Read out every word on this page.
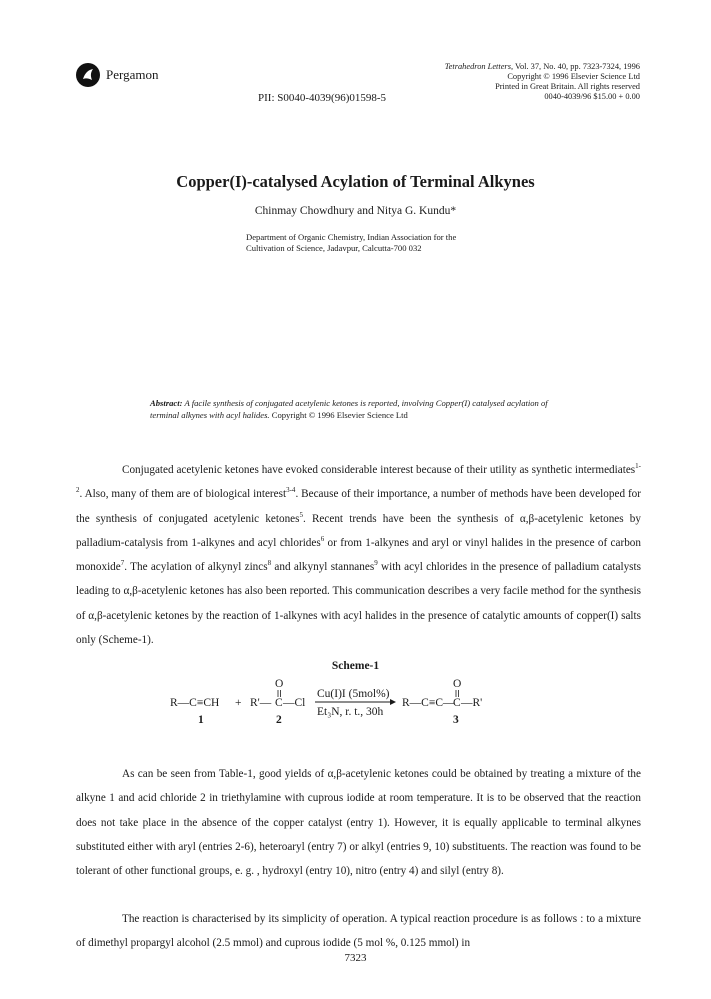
Pergamon
Tetrahedron Letters, Vol. 37, No. 40, pp. 7323-7324, 1996
Copyright © 1996 Elsevier Science Ltd
Printed in Great Britain. All rights reserved
0040-4039/96 $15.00 + 0.00
PII: S0040-4039(96)01598-5
Copper(I)-catalysed Acylation of Terminal Alkynes
Chinmay Chowdhury and Nitya G. Kundu*
Department of Organic Chemistry, Indian Association for the Cultivation of Science, Jadavpur, Calcutta-700 032
Abstract: A facile synthesis of conjugated acetylenic ketones is reported, involving Copper(I) catalysed acylation of terminal alkynes with acyl halides. Copyright © 1996 Elsevier Science Ltd

Conjugated acetylenic ketones have evoked considerable interest because of their utility as synthetic intermediates$^{1-2}$. Also, many of them are of biological interest$^{3-4}$. Because of their importance, a number of methods have been developed for the synthesis of conjugated acetylenic ketones$^5$. Recent trends have been the synthesis of α,β-acetylenic ketones by palladium-catalysis from 1-alkynes and acyl chlorides$^6$ or from 1-alkynes and aryl or vinyl halides in the presence of carbon monoxide$^7$. The acylation of alkynyl zincs$^8$ and alkynyl stannanes$^9$ with acyl chlorides in the presence of palladium catalysts leading to α,β-acetylenic ketones has also been reported. This communication describes a very facile method for the synthesis of α,β-acetylenic ketones by the reaction of 1-alkynes with acyl halides in the presence of catalytic amounts of copper(I) salts only (Scheme-1).

Scheme-1
R—C≡CH + R'—
O
C —Cl
Cu(I)I (5mol%)
Et₃N, r. t., 30h
R—C≡C—
O
C —R'
1	2	3

As can be seen from Table-1, good yields of α,β-acetylenic ketones could be obtained by treating a mixture of the alkyne 1 and acid chloride 2 in triethylamine with cuprous iodide at room temperature. It is to be observed that the reaction does not take place in the absence of the copper catalyst (entry 1). However, it is equally applicable to terminal alkynes substituted either with aryl (entries 2-6), heteroaryl (entry 7) or alkyl (entries 9, 10) substituents. The reaction was found to be tolerant of other functional groups, e. g. , hydroxyl (entry 10), nitro (entry 4) and silyl (entry 8).

The reaction is characterised by its simplicity of operation. A typical reaction procedure is as follows : to a mixture of dimethyl propargyl alcohol (2.5 mmol) and cuprous iodide (5 mol %, 0.125 mmol) in

7323
